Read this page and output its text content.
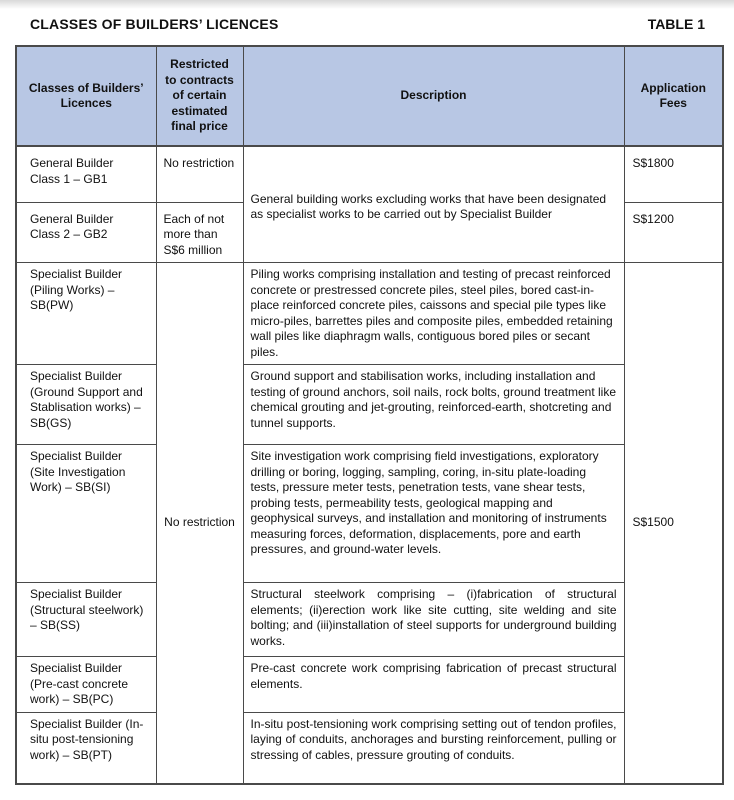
CLASSES OF BUILDERS’ LICENCES	TABLE 1
Classes of Builders’ Licences	Restricted to contracts of certain estimated final price	Description	Application Fees
General Builder Class 1 – GB1	No restriction	General building works excluding works that have been designated as specialist works to be carried out by Specialist Builder	S$1800
General Builder Class 2 – GB2	Each of not more than S$6 million		S$1200
Specialist Builder (Piling Works) – SB(PW)	No restriction	Piling works comprising installation and testing of precast reinforced concrete or prestressed concrete piles, steel piles, bored cast-in-place reinforced concrete piles, caissons and special pile types like micro-piles, barrettes piles and composite piles, embedded retaining wall piles like diaphragm walls, contiguous bored piles or secant piles.	S$1500
Specialist Builder (Ground Support and Stablisation works) – SB(GS)		Ground support and stabilisation works, including installation and testing of ground anchors, soil nails, rock bolts, ground treatment like chemical grouting and jet-grouting, reinforced-earth, shotcreting and tunnel supports.	
Specialist Builder (Site Investigation Work) – SB(SI)		Site investigation work comprising field investigations, exploratory drilling or boring, logging, sampling, coring, in-situ plate-loading tests, pressure meter tests, penetration tests, vane shear tests, probing tests, permeability tests, geological mapping and geophysical surveys, and installation and monitoring of instruments measuring forces, deformation, displacements, pore and earth pressures, and ground-water levels.	
Specialist Builder (Structural steelwork) – SB(SS)		Structural steelwork comprising – (i)fabrication of structural elements; (ii)erection work like site cutting, site welding and site bolting; and (iii)installation of steel supports for underground building works.	
Specialist Builder (Pre-cast concrete work) – SB(PC)		Pre-cast concrete work comprising fabrication of precast structural elements.	
Specialist Builder (In-situ post-tensioning work) – SB(PT)		In-situ post-tensioning work comprising setting out of tendon profiles, laying of conduits, anchorages and bursting reinforcement, pulling or stressing of cables, pressure grouting of conduits.	
